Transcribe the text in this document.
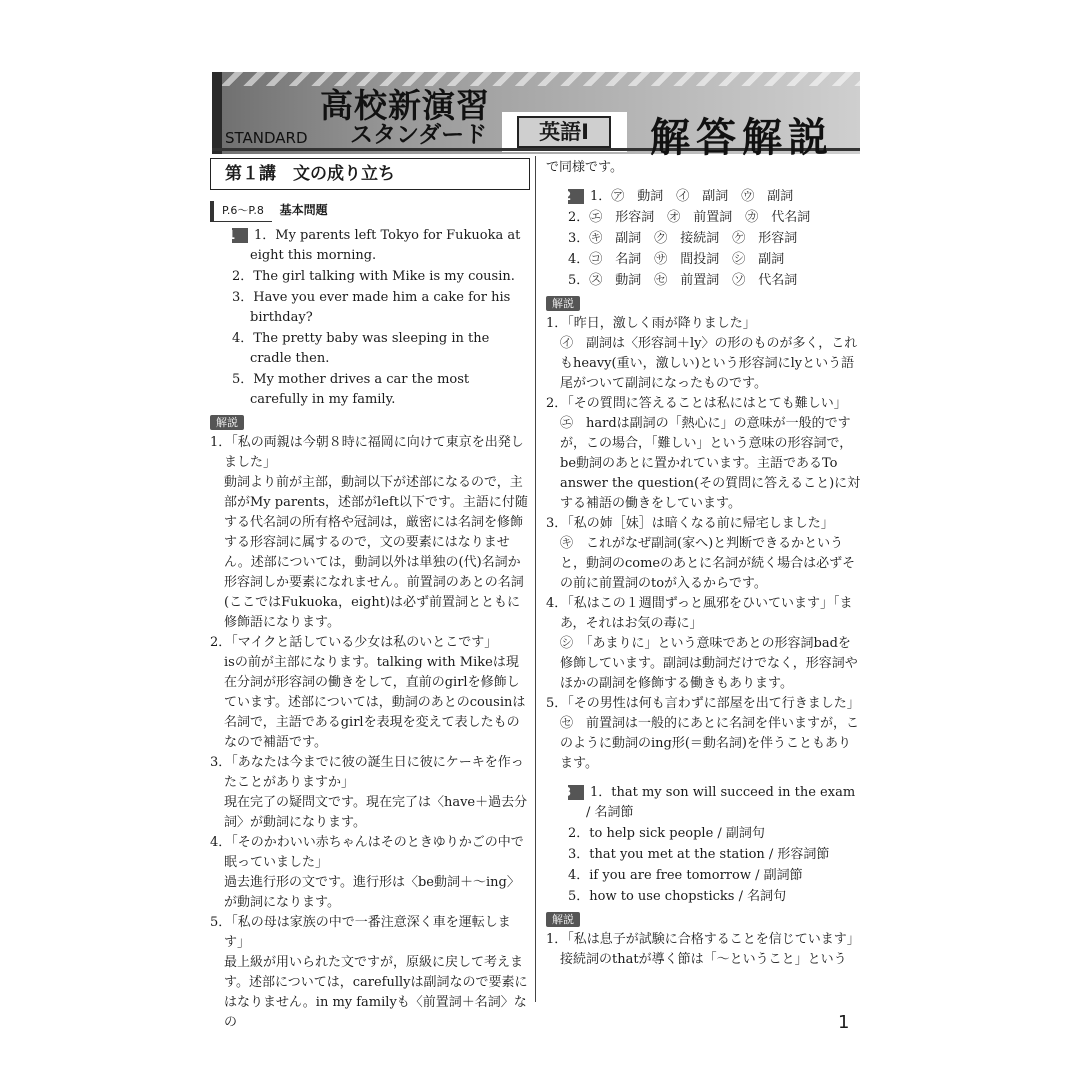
高校新演習
スタンダード
STANDARD	英語Ⅰ	解答解説
第１講　文の成り立ち
P.6〜P.8 基本問題
1 1．My parents left Tokyo for Fukuoka at eight this morning.
2．The girl talking with Mike is my cousin.
3．Have you ever made him a cake for his birthday?
4．The pretty baby was sleeping in the cradle then.
5．My mother drives a car the most carefully in my family.
解説

1．「私の両親は今朝８時に福岡に向けて東京を出発しました」

動詞より前が主部，動詞以下が述部になるので，主部がMy parents，述部がleft以下です。主語に付随する代名詞の所有格や冠詞は，厳密には名詞を修飾する形容詞に属するので，文の要素にはなりません。述部については，動詞以外は単独の(代)名詞か形容詞しか要素になれません。前置詞のあとの名詞(ここではFukuoka，eight)は必ず前置詞とともに修飾語になります。

2．「マイクと話している少女は私のいとこです」

isの前が主部になります。talking with Mikeは現在分詞が形容詞の働きをして，直前のgirlを修飾しています。述部については，動詞のあとのcousinは名詞で，主語であるgirlを表現を変えて表したものなので補語です。

3．「あなたは今までに彼の誕生日に彼にケーキを作ったことがありますか」

現在完了の疑問文です。現在完了は〈have＋過去分詞〉が動詞になります。

4．「そのかわいい赤ちゃんはそのときゆりかごの中で眠っていました」

過去進行形の文です。進行形は〈be動詞＋〜ing〉が動詞になります。

5．「私の母は家族の中で一番注意深く車を運転します」

最上級が用いられた文ですが，原級に戻して考えます。述部については，carefullyは副詞なので要素にはなりません。in my familyも〈前置詞＋名詞〉なの

で同様です。

2 1．㋐　動詞　㋑　副詞　㋒　副詞
2．㋓　形容詞　㋔　前置詞　㋕　代名詞
3．㋖　副詞　㋗　接続詞　㋘　形容詞
4．㋙　名詞　㋚　間投詞　㋛　副詞
5．㋜　動詞　㋝　前置詞　㋞　代名詞
解説

1．「昨日，激しく雨が降りました」

㋑　副詞は〈形容詞＋ly〉の形のものが多く，これもheavy(重い，激しい)という形容詞にlyという語尾がついて副詞になったものです。

2．「その質問に答えることは私にはとても難しい」

㋓　hardは副詞の「熱心に」の意味が一般的ですが，この場合，「難しい」という意味の形容詞で，be動詞のあとに置かれています。主語であるTo answer the question(その質問に答えること)に対する補語の働きをしています。

3．「私の姉［妹］は暗くなる前に帰宅しました」

㋖　これがなぜ副詞(家へ)と判断できるかというと，動詞のcomeのあとに名詞が続く場合は必ずその前に前置詞のtoが入るからです。

4．「私はこの１週間ずっと風邪をひいています」「まあ，それはお気の毒に」

㋛　「あまりに」という意味であとの形容詞badを修飾しています。副詞は動詞だけでなく，形容詞やほかの副詞を修飾する働きもあります。

5．「その男性は何も言わずに部屋を出て行きました」

㋝　前置詞は一般的にあとに名詞を伴いますが，このように動詞のing形(＝動名詞)を伴うこともあります。

3 1．that my son will succeed in the exam / 名詞節
2．to help sick people / 副詞句
3．that you met at the station / 形容詞節
4．if you are free tomorrow / 副詞節
5．how to use chopsticks / 名詞句
解説

1．「私は息子が試験に合格することを信じています」

接続詞のthatが導く節は「〜ということ」という

1
